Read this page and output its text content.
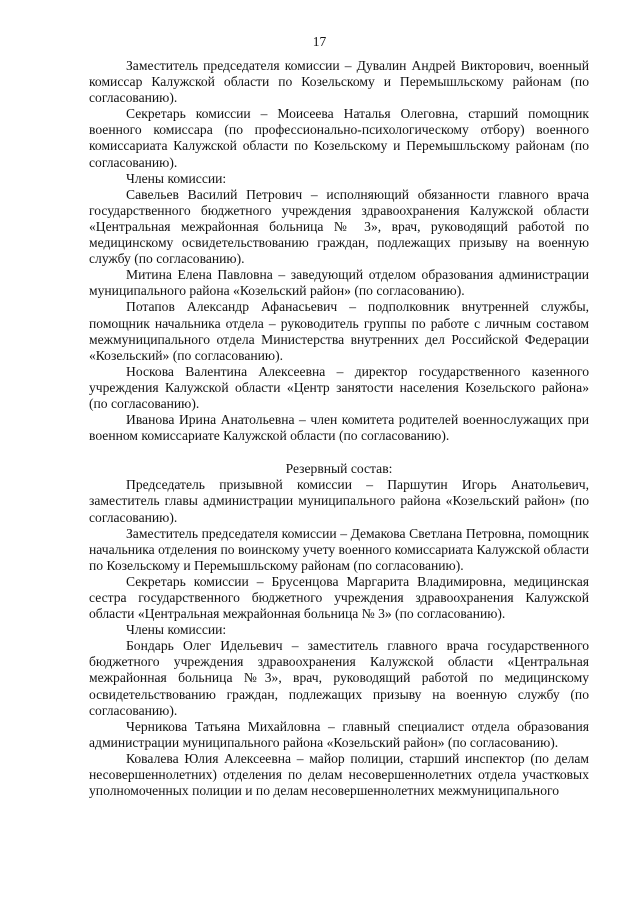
17

Заместитель председателя комиссии – Дувалин Андрей Викторович, военный комиссар Калужской области по Козельскому и Перемышльскому районам (по согласованию).

Секретарь комиссии – Моисеева Наталья Олеговна, старший помощник военного комиссара (по профессионально-психологическому отбору) военного комиссариата Калужской области по Козельскому и Перемышльскому районам (по согласованию).

Члены комиссии:

Савельев Василий Петрович – исполняющий обязанности главного врача государственного бюджетного учреждения здравоохранения Калужской области «Центральная межрайонная больница № 3», врач, руководящий работой по медицинскому освидетельствованию граждан, подлежащих призыву на военную службу (по согласованию).

Митина Елена Павловна – заведующий отделом образования администрации муниципального района «Козельский район» (по согласованию).

Потапов Александр Афанасьевич – подполковник внутренней службы, помощник начальника отдела – руководитель группы по работе с личным составом межмуниципального отдела Министерства внутренних дел Российской Федерации «Козельский» (по согласованию).

Носкова Валентина Алексеевна – директор государственного казенного учреждения Калужской области «Центр занятости населения Козельского района» (по согласованию).

Иванова Ирина Анатольевна – член комитета родителей военнослужащих при военном комиссариате Калужской области (по согласованию).

Резервный состав:

Председатель призывной комиссии – Паршутин Игорь Анатольевич, заместитель главы администрации муниципального района «Козельский район» (по согласованию).

Заместитель председателя комиссии – Демакова Светлана Петровна, помощник начальника отделения по воинскому учету военного комиссариата Калужской области по Козельскому и Перемышльскому районам (по согласованию).

Секретарь комиссии – Брусенцова Маргарита Владимировна, медицинская сестра государственного бюджетного учреждения здравоохранения Калужской области «Центральная межрайонная больница № 3» (по согласованию).

Члены комиссии:

Бондарь Олег Идельевич – заместитель главного врача государственного бюджетного учреждения здравоохранения Калужской области «Центральная межрайонная больница №3», врач, руководящий работой по медицинскому освидетельствованию граждан, подлежащих призыву на военную службу (по согласованию).

Черникова Татьяна Михайловна – главный специалист отдела образования администрации муниципального района «Козельский район» (по согласованию).

Ковалева Юлия Алексеевна – майор полиции, старший инспектор (по делам несовершеннолетних) отделения по делам несовершеннолетних отдела участковых уполномоченных полиции и по делам несовершеннолетних межмуниципального
